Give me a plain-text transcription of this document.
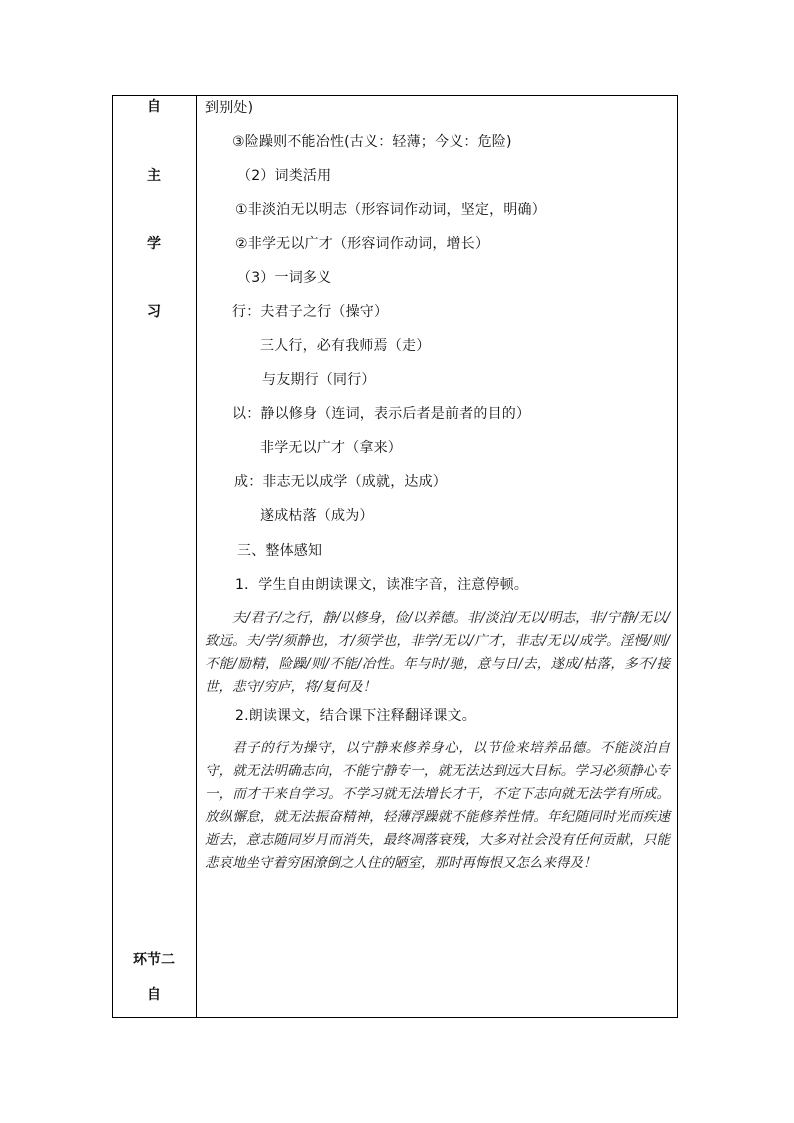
自
主
学
习
环节二
自
到别处)
③险躁则不能冶性(古义：轻薄；今义：危险)
（2）词类活用
①非淡泊无以明志（形容词作动词，坚定，明确）
②非学无以广才（形容词作动词，增长）
（3）一词多义
行：夫君子之行（操守）
三人行，必有我师焉（走）
与友期行（同行）
以：静以修身（连词，表示后者是前者的目的）
非学无以广才（拿来）
成：非志无以成学（成就，达成）
遂成枯落（成为）
三、整体感知
1．学生自由朗读课文，读准字音，注意停顿。

夫/君子/之行，静/以修身，俭/以养德。非/淡泊/无以/明志，非/宁静/无以/致远。夫/学/须静也，才/须学也，非学/无以/广才，非志/无以/成学。淫慢/则/不能/励精，险躁/则/不能/冶性。年与时/驰，意与日/去，遂成/枯落，多不/接世，悲守/穷庐，将/复何及！

2.朗读课文，结合课下注释翻译课文。

君子的行为操守，以宁静来修养身心，以节俭来培养品德。不能淡泊自守，就无法明确志向，不能宁静专一，就无法达到远大目标。学习必须静心专一，而才干来自学习。不学习就无法增长才干，不定下志向就无法学有所成。放纵懈怠，就无法振奋精神，轻薄浮躁就不能修养性情。年纪随同时光而疾速逝去，意志随同岁月而消失，最终凋落衰残，大多对社会没有任何贡献，只能悲哀地坐守着穷困潦倒之人住的陋室，那时再悔恨又怎么来得及！
